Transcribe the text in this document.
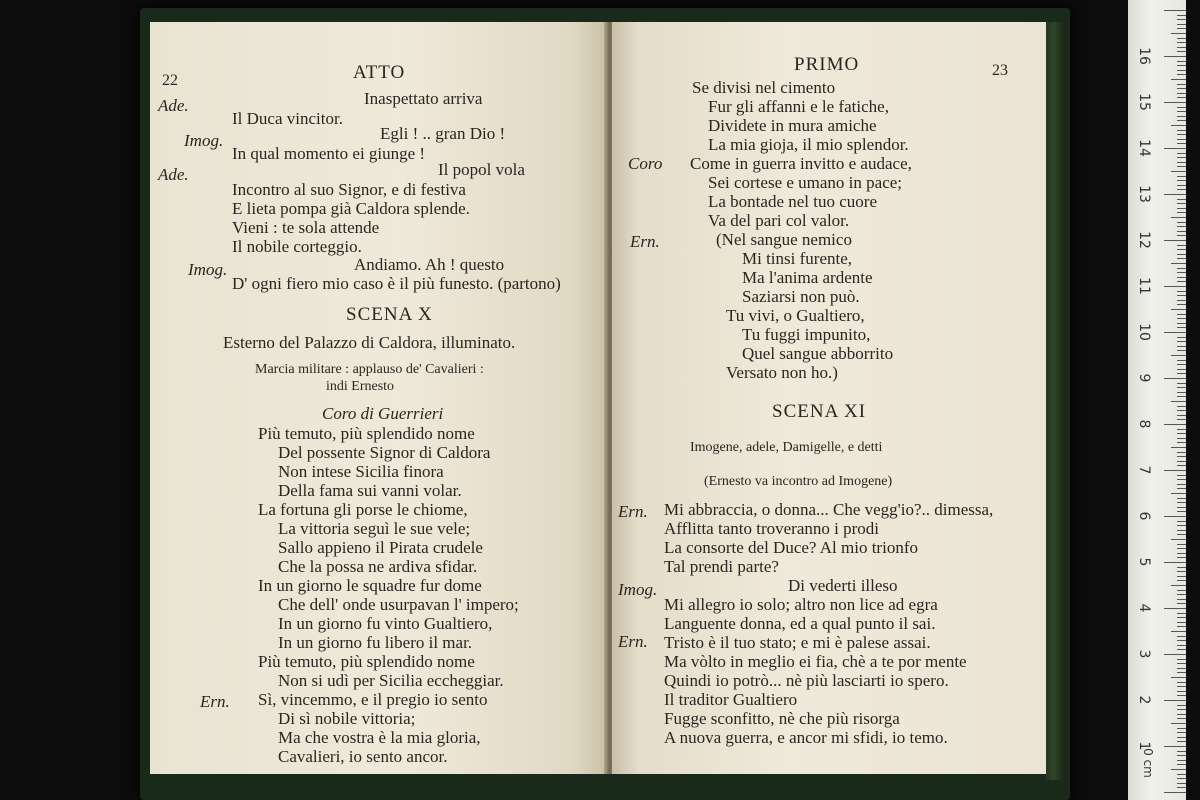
22	ATTO
Ade.	Inaspettato arriva
Il Duca vincitor.
Imog.	Egli ! .. gran Dio !
In qual momento ei giunge !
Ade.	Il popol vola
Incontro al suo Signor, e di festiva
E lieta pompa già Caldora splende.
Vieni : te sola attende
Il nobile corteggio.
Andiamo. Ah ! questo
Imog.
D' ogni fiero mio caso è il più funesto. (partono)
SCENA X
Esterno del Palazzo di Caldora, illuminato.
Marcia militare : applauso de' Cavalieri :
indi Ernesto
Coro di Guerrieri
Più temuto, più splendido nome
Del possente Signor di Caldora
Non intese Sicilia finora
Della fama sui vanni volar.
La fortuna gli porse le chiome,
La vittoria seguì le sue vele;
Sallo appieno il Pirata crudele
Che la possa ne ardiva sfidar.
In un giorno le squadre fur dome
Che dell' onde usurpavan l' impero;
In un giorno fu vinto Gualtiero,
In un giorno fu libero il mar.
Più temuto, più splendido nome
Non si udì per Sicilia eccheggiar.
Ern. Sì, vincemmo, e il pregio io sento
Di sì nobile vittoria;
Ma che vostra è la mia gloria,
Cavalieri, io sento ancor.
PRIMO	23
Se divisi nel cimento
Fur gli affanni e le fatiche,
Dividete in mura amiche
La mia gioja, il mio splendor.
Coro Come in guerra invitto e audace,
Sei cortese e umano in pace;
La bontade nel tuo cuore
Va del pari col valor.
Ern.	(Nel sangue nemico
Mi tinsi furente,
Ma l'anima ardente
Saziarsi non può.
Tu vivi, o Gualtiero,
Tu fuggi impunito,
Quel sangue abborrito
Versato non ho.)
SCENA XI
Imogene, adele, Damigelle, e detti
(Ernesto va incontro ad Imogene)
Ern. Mi abbraccia, o donna... Che vegg'io?.. dimessa,
Afflitta tanto troveranno i prodi
La consorte del Duce? Al mio trionfo
Tal prendi parte?
Di vederti illeso
Imog.
Mi allegro io solo; altro non lice ad egra
Languente donna, ed a qual punto il sai.
Ern. Tristo è il tuo stato; e mi è palese assai.
Ma vòlto in meglio ei fia, chè a te por mente
Quindi io potrò... nè più lasciarti io spero.
Il traditor Gualtiero
Fugge sconfitto, nè che più risorga
A nuova guerra, e ancor mi sfidi, io temo.
0 cm
1
2
3
4
5
6
7
8
9
10
11
12
13
14
15
16
